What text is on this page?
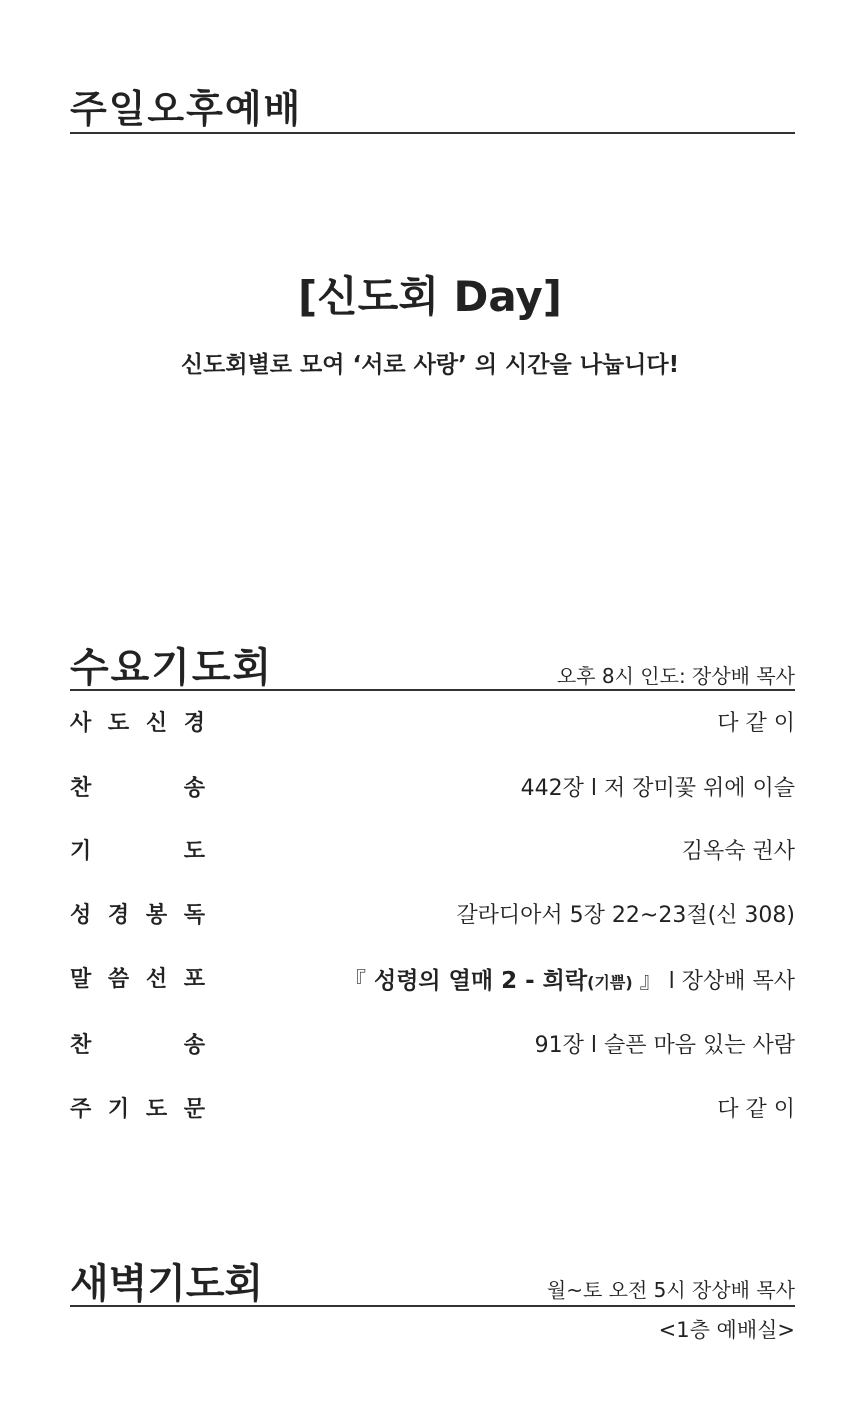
주일오후예배
[신도회 Day]
신도회별로 모여 ‘서로 사랑’ 의 시간을 나눕니다!
수요기도회	오후 8시 인도: 장상배 목사
사 도 신 경	다 같 이
찬	송	442장 l 저 장미꽃 위에 이슬
기	도	김옥숙 권사
성 경 봉 독	갈라디아서 5장 22~23절(신 308)
말 씀 선 포	『 성령의 열매 2 - 희락(기쁨) 』 l 장상배 목사
찬	송	91장 l 슬픈 마음 있는 사람
주 기 도 문	다 같 이
새벽기도회	월~토 오전 5시 장상배 목사
<1층 예배실>
